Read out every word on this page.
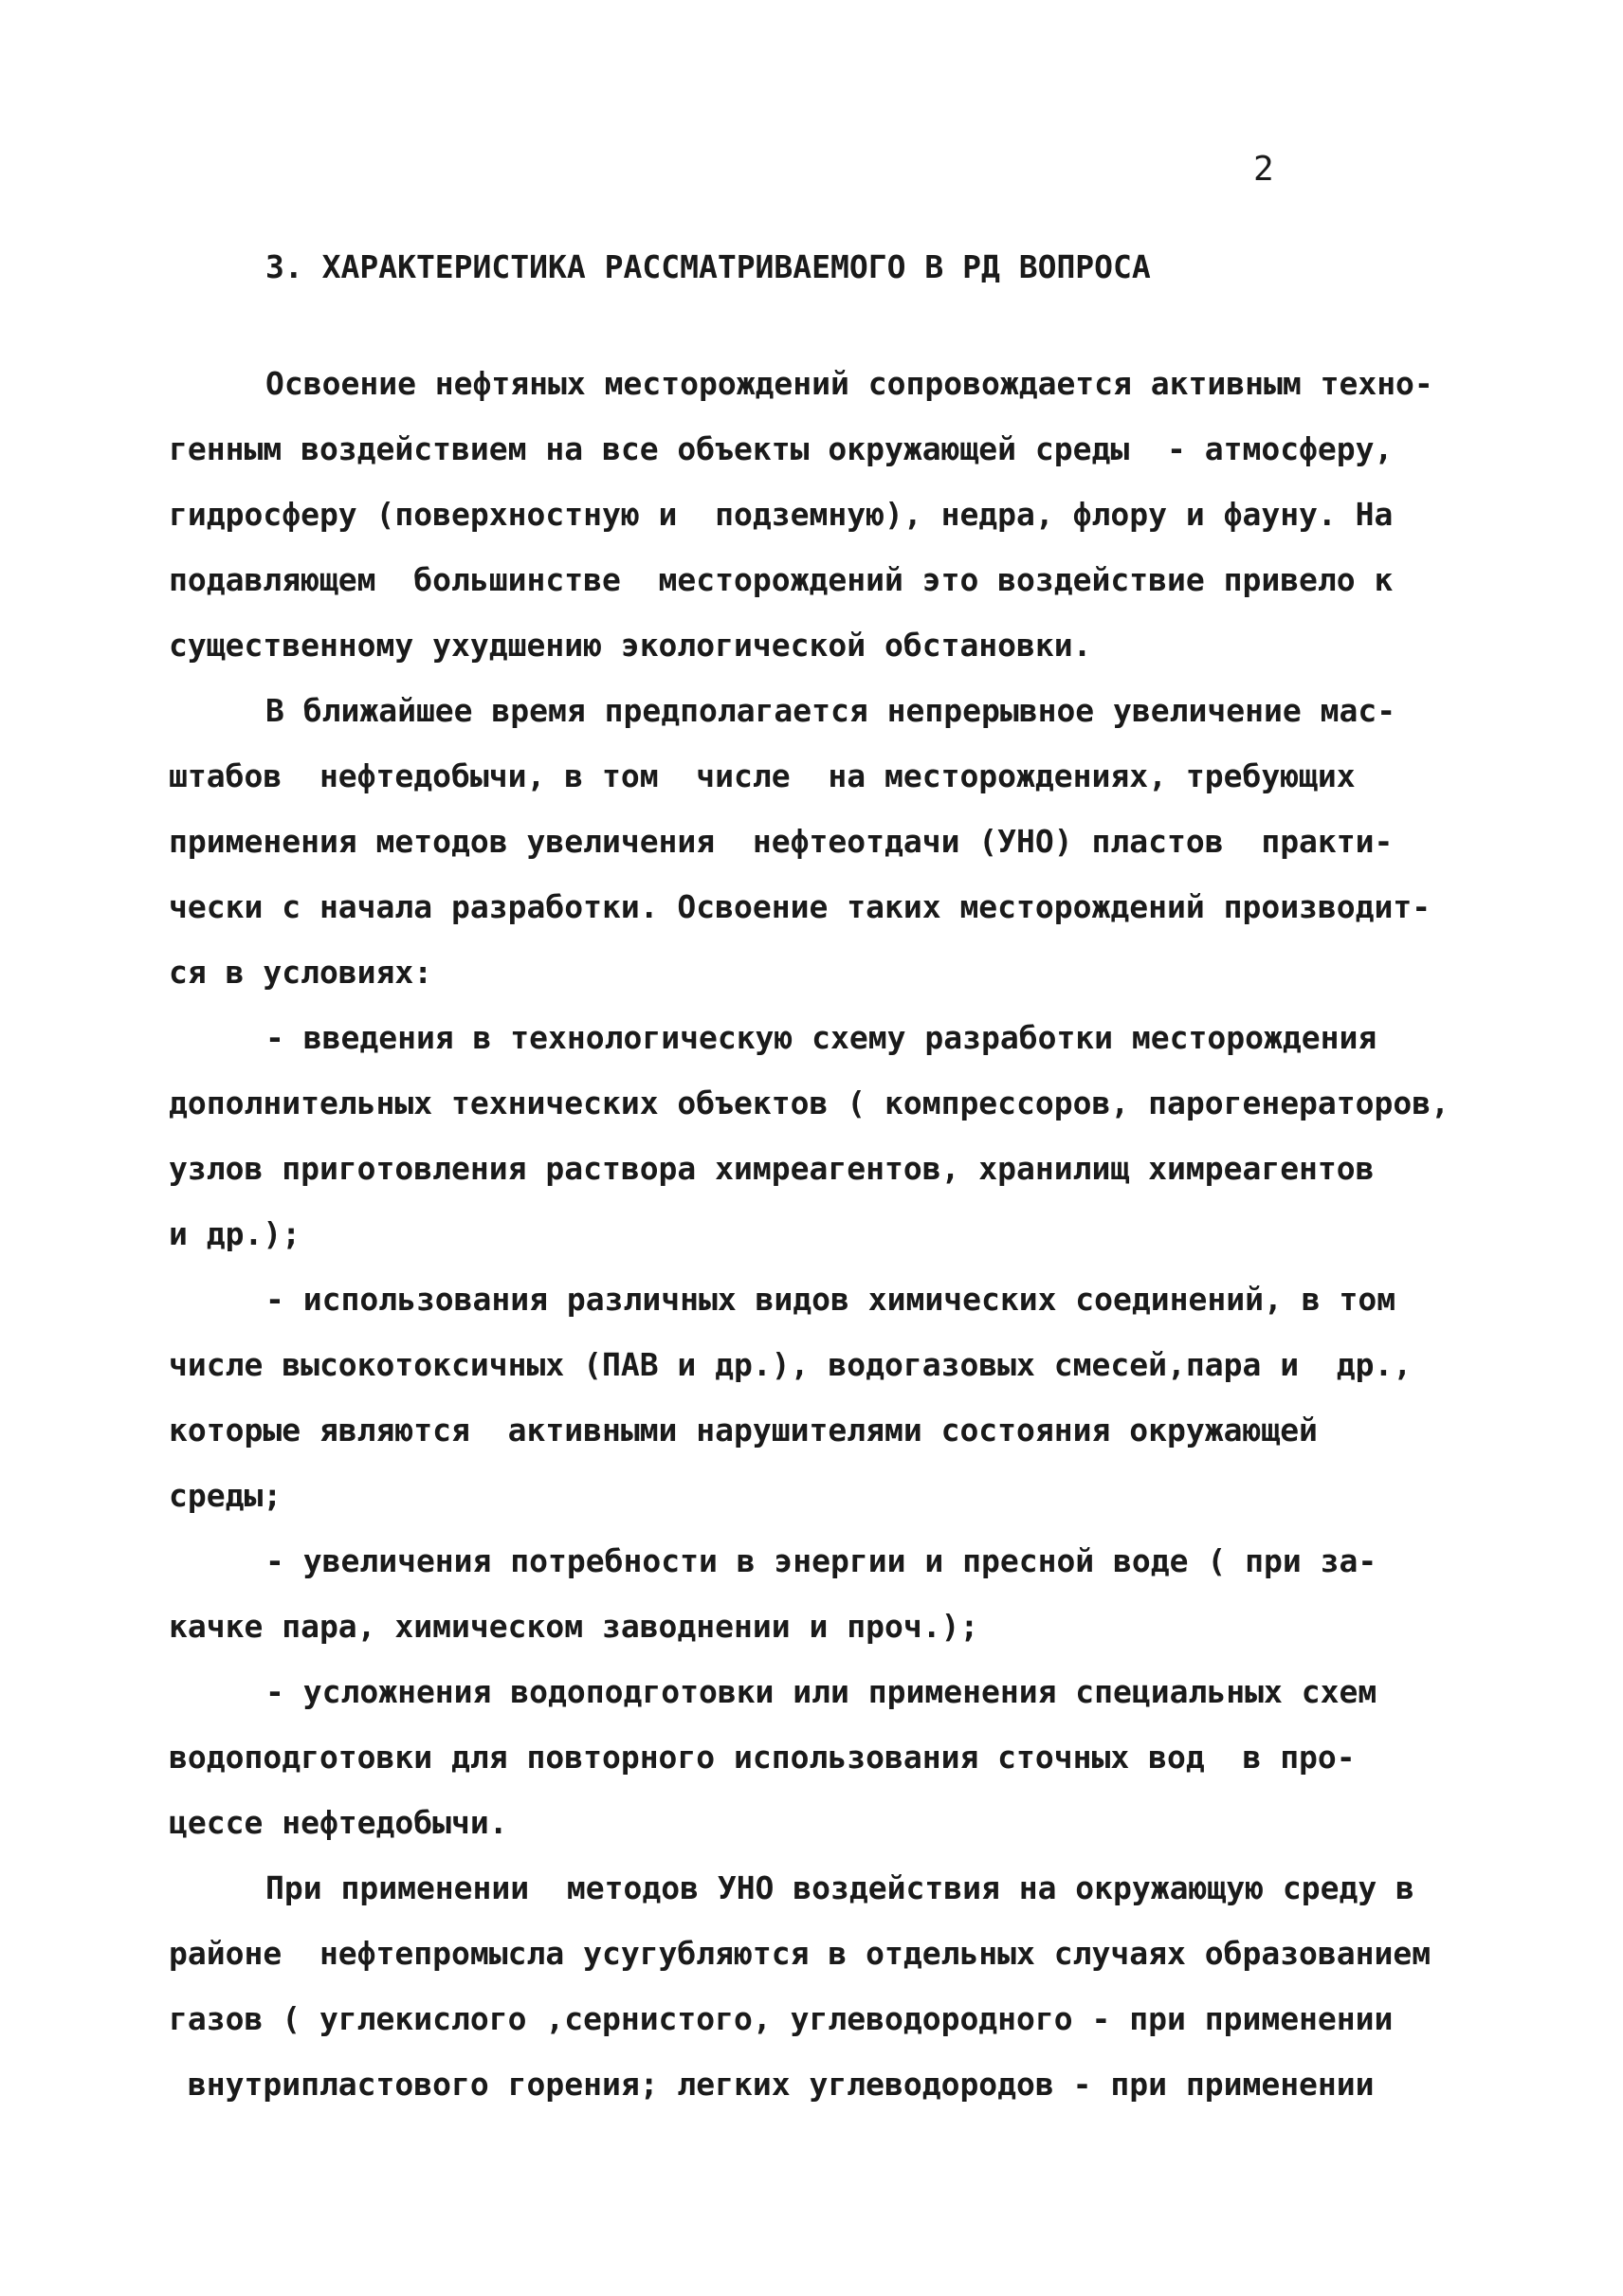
2
3. ХАРАКТЕРИСТИКА РАССМАТРИВАЕМОГО В РД ВОПРОСА
Освоение нефтяных месторождений сопровождается активным техно-
генным воздействием на все объекты окружающей среды  - атмосферу,
гидросферу (поверхностную и  подземную), недра, флору и фауну. На
подавляющем  большинстве  месторождений это воздействие привело к
существенному ухудшению экологической обстановки.
В ближайшее время предполагается непрерывное увеличение мас-
штабов  нефтедобычи, в том  числе  на месторождениях, требующих
применения методов увеличения  нефтеотдачи (УНО) пластов  практи-
чески с начала разработки. Освоение таких месторождений производит-
ся в условиях:
- введения в технологическую схему разработки месторождения
дополнительных технических объектов ( компрессоров, парогенераторов,
узлов приготовления раствора химреагентов, хранилищ химреагентов
и др.);
- использования различных видов химических соединений, в том
числе высокотоксичных (ПАВ и др.), водогазовых смесей,пара и  др.,
которые являются  активными нарушителями состояния окружающей
среды;
- увеличения потребности в энергии и пресной воде ( при за-
качке пара, химическом заводнении и проч.);
- усложнения водоподготовки или применения специальных схем
водоподготовки для повторного использования сточных вод  в про-
цессе нефтедобычи.
При применении  методов УНО воздействия на окружающую среду в
районе  нефтепромысла усугубляются в отдельных случаях образованием
газов ( углекислого ,сернистого, углеводородного - при применении
внутрипластового горения; легких углеводородов - при применении
